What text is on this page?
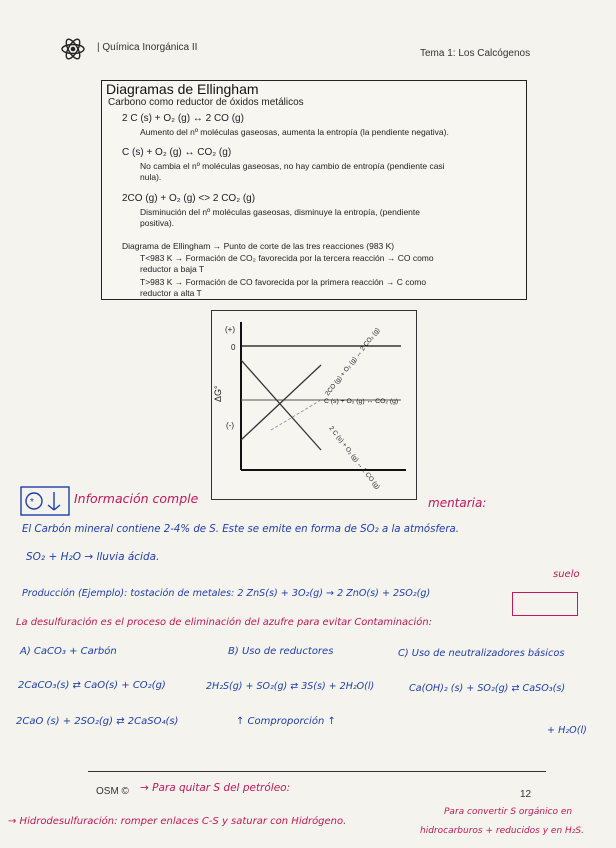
| Química Inorgánica II
Tema 1: Los Calcógenos
Diagramas de Ellingham
Carbono como reductor de óxidos metálicos
2 C (s) + O₂ (g) ↔ 2 CO (g)
Aumento del nº moléculas gaseosas, aumenta la entropía (la pendiente negativa).
C (s) + O₂ (g) ↔ CO₂ (g)
No cambia el nº moléculas gaseosas, no hay cambio de entropía (pendiente casi
nula).
2CO (g) + O₂ (g) <> 2 CO₂ (g)
Disminución del nº moléculas gaseosas, disminuye la entropía, (pendiente
positiva).
Diagrama de Ellingham → Punto de corte de las tres reacciones (983 K)
T<983 K → Formación de CO₂ favorecida por la tercera reacción → CO como
reductor a baja T
T>983 K → Formación de CO favorecida por la primera reacción → C como
reductor a alta T
(+)
0
(-)
ΔG°	2CO (g) + O₂ (g) ↔ 2 CO₂ (g)
C (s) + O₂ (g) ↔ CO₂ (g)
2 C (s) + O₂ (g) ↔ 2 CO (g)
*	Información comple	mentaria:
El Carbón mineral contiene 2-4% de S. Este se emite en forma de SO₂ a la atmósfera.
SO₂ + H₂O → lluvia ácida.
Producción (Ejemplo): tostación de metales: 2 ZnS(s) + 3O₂(g) → 2 ZnO(s) + 2SO₂(g)
suelo
La desulfuración es el proceso de eliminación del azufre para evitar Contaminación:
A) CaCO₃ + Carbón	B) Uso de reductores	C) Uso de neutralizadores básicos
2CaCO₃(s) ⇄ CaO(s) + CO₂(g)	2H₂S(g) + SO₂(g) ⇄ 3S(s) + 2H₂O(l)	Ca(OH)₂ (s) + SO₂(g) ⇄ CaSO₃(s)
2CaO (s) + 2SO₂(g) ⇄ 2CaSO₄(s)	↑ Comproporción ↑
+ H₂O(l)
OSM © → Para quitar S del petróleo:
12
→ Hidrodesulfuración: romper enlaces C-S y saturar con Hidrógeno.
Para convertir S orgánico en
hidrocarburos + reducidos y en H₂S.
